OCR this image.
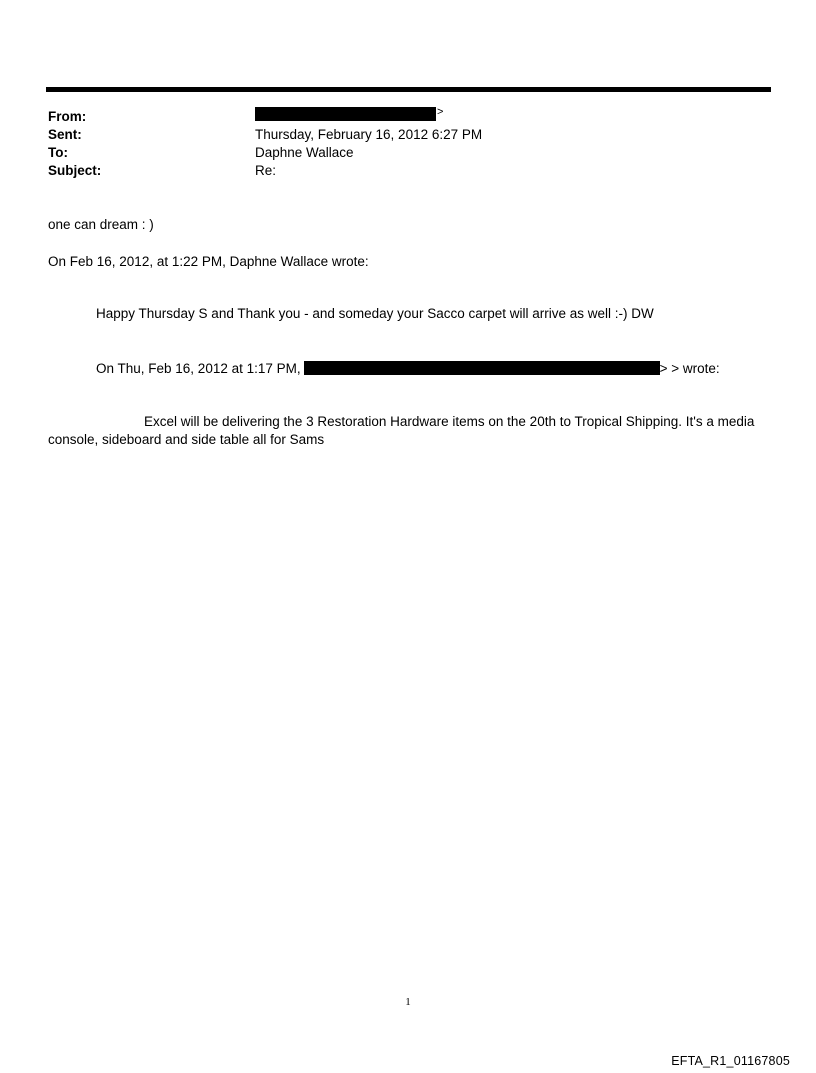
From:	>
Sent:	Thursday, February 16, 2012 6:27 PM
To:	Daphne Wallace
Subject:	Re:
one can dream : )
On Feb 16, 2012, at 1:22 PM, Daphne Wallace wrote:
Happy Thursday S and Thank you - and someday your Sacco carpet will arrive as well :-) DW
On Thu, Feb 16, 2012 at 1:17 PM,	> > wrote:
Excel will be delivering the 3 Restoration Hardware items on the 20th to Tropical Shipping. It's a media console, sideboard and side table all for Sams
1
EFTA_R1_01167805
